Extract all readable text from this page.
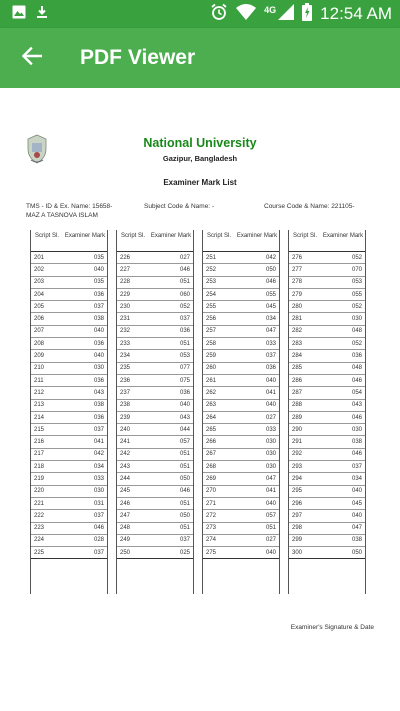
4G	12:54 AM
PDF Viewer
National University
Gazipur, Bangladesh
Examiner Mark List
TMS - ID & Ex. Name: 15658- MAZ A TASNOVA ISLAM
Subject Code & Name: -	Course Code & Name: 221105-
Script Sl. Examiner Mark
201	035
202	040
203	035
204	036
205	037
206	038
207	040
208	036
209	040
210	030
211	036
212	043
213	038
214	036
215	037
216	041
217	042
218	034
219	033
220	030
221	031
222	037
223	046
224	028
225	037
Script Sl. Examiner Mark
226	027
227	046
228	051
229	060
230	052
231	037
232	036
233	051
234	053
235	077
236	075
237	036
238	040
239	043
240	044
241	057
242	051
243	051
244	050
245	046
246	051
247	050
248	051
249	037
250	025
Script Sl. Examiner Mark
251	042
252	050
253	046
254	055
255	045
256	034
257	047
258	033
259	037
260	036
261	040
262	041
263	040
264	027
265	033
266	030
267	030
268	030
269	047
270	041
271	040
272	057
273	051
274	027
275	040
Script Sl. Examiner Mark
276	052
277	070
278	053
279	055
280	052
281	030
282	048
283	052
284	036
285	048
286	046
287	054
288	043
289	046
290	030
291	038
292	046
293	037
294	034
295	040
296	045
297	040
298	047
299	038
300	050
Examiner's Signature & Date
